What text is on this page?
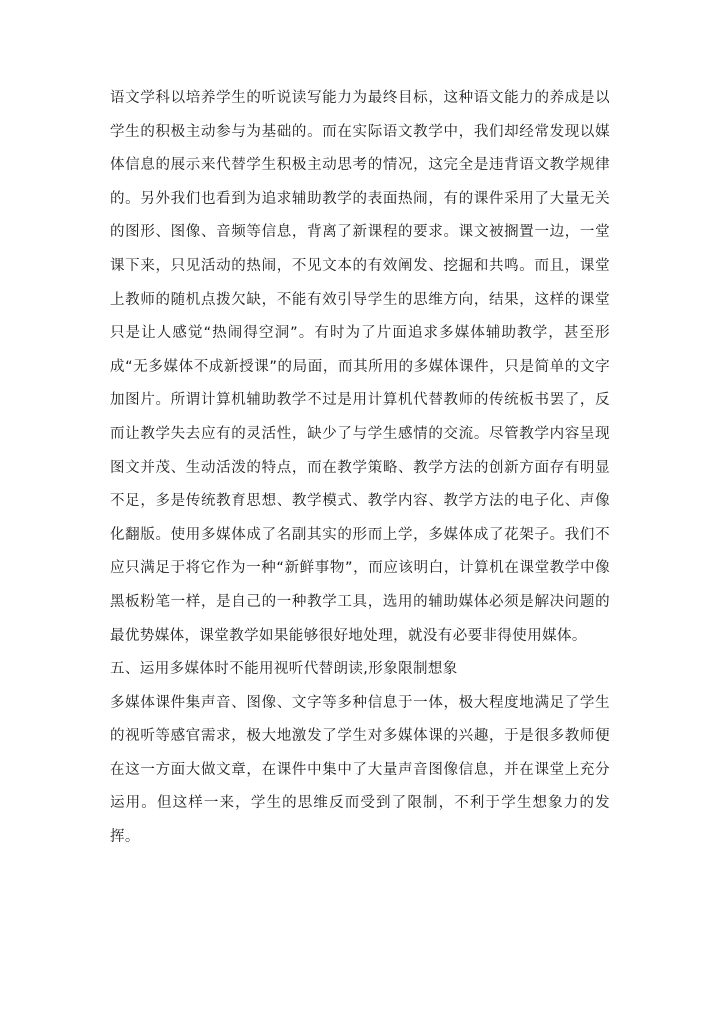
语文学科以培养学生的听说读写能力为最终目标，这种语文能力的养成是以学生的积极主动参与为基础的。而在实际语文教学中，我们却经常发现以媒体信息的展示来代替学生积极主动思考的情况，这完全是违背语文教学规律的。另外我们也看到为追求辅助教学的表面热闹，有的课件采用了大量无关的图形、图像、音频等信息，背离了新课程的要求。课文被搁置一边，一堂课下来，只见活动的热闹，不见文本的有效阐发、挖掘和共鸣。而且，课堂上教师的随机点拨欠缺，不能有效引导学生的思维方向，结果，这样的课堂只是让人感觉“热闹得空洞”。有时为了片面追求多媒体辅助教学，甚至形成“无多媒体不成新授课”的局面，而其所用的多媒体课件，只是简单的文字加图片。所谓计算机辅助教学不过是用计算机代替教师的传统板书罢了，反而让教学失去应有的灵活性，缺少了与学生感情的交流。尽管教学内容呈现图文并茂、生动活泼的特点，而在教学策略、教学方法的创新方面存有明显不足，多是传统教育思想、教学模式、教学内容、教学方法的电子化、声像化翻版。使用多媒体成了名副其实的形而上学，多媒体成了花架子。我们不应只满足于将它作为一种“新鲜事物”，而应该明白，计算机在课堂教学中像黑板粉笔一样，是自己的一种教学工具，选用的辅助媒体必须是解决问题的最优势媒体，课堂教学如果能够很好地处理，就没有必要非得使用媒体。

五、运用多媒体时不能用视听代替朗读,形象限制想象

多媒体课件集声音、图像、文字等多种信息于一体，极大程度地满足了学生的视听等感官需求，极大地激发了学生对多媒体课的兴趣，于是很多教师便在这一方面大做文章，在课件中集中了大量声音图像信息，并在课堂上充分运用。但这样一来，学生的思维反而受到了限制，不利于学生想象力的发挥。
